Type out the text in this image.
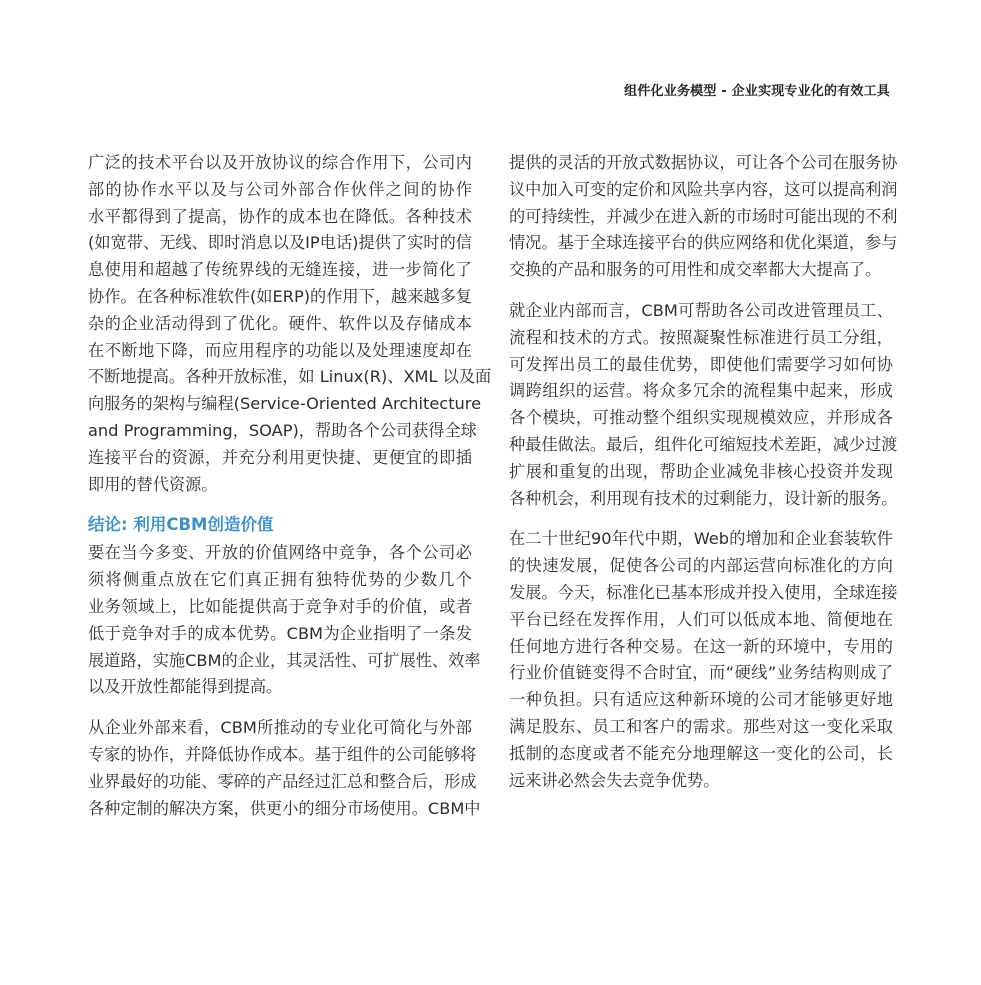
组件化业务模型 - 企业实现专业化的有效工具

广泛的技术平台以及开放协议的综合作用下，公司内
部的协作水平以及与公司外部合作伙伴之间的协作
水平都得到了提高，协作的成本也在降低。各种技术
(如宽带、无线、即时消息以及IP电话)提供了实时的信
息使用和超越了传统界线的无缝连接，进一步简化了
协作。在各种标准软件(如ERP)的作用下，越来越多复
杂的企业活动得到了优化。硬件、软件以及存储成本
在不断地下降，而应用程序的功能以及处理速度却在
不断地提高。各种开放标准，如 Linux(R)、XML 以及面
向服务的架构与编程(Service-Oriented Architecture
and Programming，SOAP)，帮助各个公司获得全球
连接平台的资源，并充分利用更快捷、更便宜的即插
即用的替代资源。

结论: 利用CBM创造价值

要在当今多变、开放的价值网络中竞争，各个公司必
须将侧重点放在它们真正拥有独特优势的少数几个
业务领域上，比如能提供高于竞争对手的价值，或者
低于竞争对手的成本优势。CBM为企业指明了一条发
展道路，实施CBM的企业，其灵活性、可扩展性、效率
以及开放性都能得到提高。

从企业外部来看，CBM所推动的专业化可简化与外部
专家的协作，并降低协作成本。基于组件的公司能够将
业界最好的功能、零碎的产品经过汇总和整合后，形成
各种定制的解决方案，供更小的细分市场使用。CBM中

提供的灵活的开放式数据协议，可让各个公司在服务协
议中加入可变的定价和风险共享内容，这可以提高利润
的可持续性，并减少在进入新的市场时可能出现的不利
情况。基于全球连接平台的供应网络和优化渠道，参与
交换的产品和服务的可用性和成交率都大大提高了。

就企业内部而言，CBM可帮助各公司改进管理员工、
流程和技术的方式。按照凝聚性标准进行员工分组，
可发挥出员工的最佳优势，即使他们需要学习如何协
调跨组织的运营。将众多冗余的流程集中起来，形成
各个模块，可推动整个组织实现规模效应，并形成各
种最佳做法。最后，组件化可缩短技术差距，减少过渡
扩展和重复的出现，帮助企业减免非核心投资并发现
各种机会，利用现有技术的过剩能力，设计新的服务。

在二十世纪90年代中期，Web的增加和企业套装软件
的快速发展，促使各公司的内部运营向标准化的方向
发展。今天，标准化已基本形成并投入使用，全球连接
平台已经在发挥作用，人们可以低成本地、简便地在
任何地方进行各种交易。在这一新的环境中，专用的
行业价值链变得不合时宜，而“硬线”业务结构则成了
一种负担。只有适应这种新环境的公司才能够更好地
满足股东、员工和客户的需求。那些对这一变化采取
抵制的态度或者不能充分地理解这一变化的公司，长
远来讲必然会失去竞争优势。
